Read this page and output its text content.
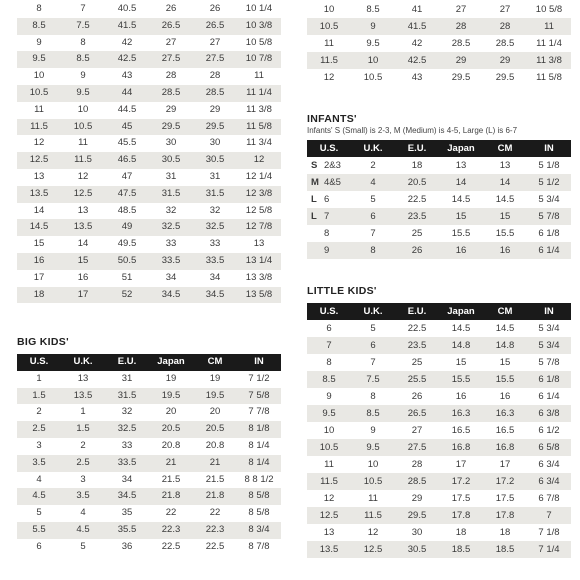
8	7	40.5	26	26	10 1/4
8.5	7.5	41.5	26.5	26.5	10 3/8
9	8	42	27	27	10 5/8
9.5	8.5	42.5	27.5	27.5	10 7/8
10	9	43	28	28	11
10.5	9.5	44	28.5	28.5	11 1/4
11	10	44.5	29	29	11 3/8
11.5	10.5	45	29.5	29.5	11 5/8
12	11	45.5	30	30	11 3/4
12.5	11.5	46.5	30.5	30.5	12
13	12	47	31	31	12 1/4
13.5	12.5	47.5	31.5	31.5	12 3/8
14	13	48.5	32	32	12 5/8
14.5	13.5	49	32.5	32.5	12 7/8
15	14	49.5	33	33	13
16	15	50.5	33.5	33.5	13 1/4
17	16	51	34	34	13 3/8
18	17	52	34.5	34.5	13 5/8
BIG KIDS'
U.S.	U.K.	E.U.	Japan	CM	IN
1	13	31	19	19	7 1/2
1.5	13.5	31.5	19.5	19.5	7 5/8
2	1	32	20	20	7 7/8
2.5	1.5	32.5	20.5	20.5	8 1/8
3	2	33	20.8	20.8	8 1/4
3.5	2.5	33.5	21	21	8 1/4
4	3	34	21.5	21.5	8 8 1/2
4.5	3.5	34.5	21.8	21.8	8 5/8
5	4	35	22	22	8 5/8
5.5	4.5	35.5	22.3	22.3	8 3/4
6	5	36	22.5	22.5	8 7/8
10	8.5	41	27	27	10 5/8
10.5	9	41.5	28	28	11
11	9.5	42	28.5	28.5	11 1/4
11.5	10	42.5	29	29	11 3/8
12	10.5	43	29.5	29.5	11 5/8
INFANTS'
Infants' S (Small) is 2-3, M (Medium) is 4-5, Large (L) is 6-7
U.S.	U.K.	E.U.	Japan	CM	IN
S 2&3	2	18	13	13	5 1/8
M 4&5	4	20.5	14	14	5 1/2
L 6	5	22.5	14.5	14.5	5 3/4
L 7	6	23.5	15	15	5 7/8
8	7	25	15.5	15.5	6 1/8
9	8	26	16	16	6 1/4
LITTLE KIDS'
U.S.	U.K.	E.U.	Japan	CM	IN
6	5	22.5	14.5	14.5	5 3/4
7	6	23.5	14.8	14.8	5 3/4
8	7	25	15	15	5 7/8
8.5	7.5	25.5	15.5	15.5	6 1/8
9	8	26	16	16	6 1/4
9.5	8.5	26.5	16.3	16.3	6 3/8
10	9	27	16.5	16.5	6 1/2
10.5	9.5	27.5	16.8	16.8	6 5/8
11	10	28	17	17	6 3/4
11.5	10.5	28.5	17.2	17.2	6 3/4
12	11	29	17.5	17.5	6 7/8
12.5	11.5	29.5	17.8	17.8	7
13	12	30	18	18	7 1/8
13.5	12.5	30.5	18.5	18.5	7 1/4
